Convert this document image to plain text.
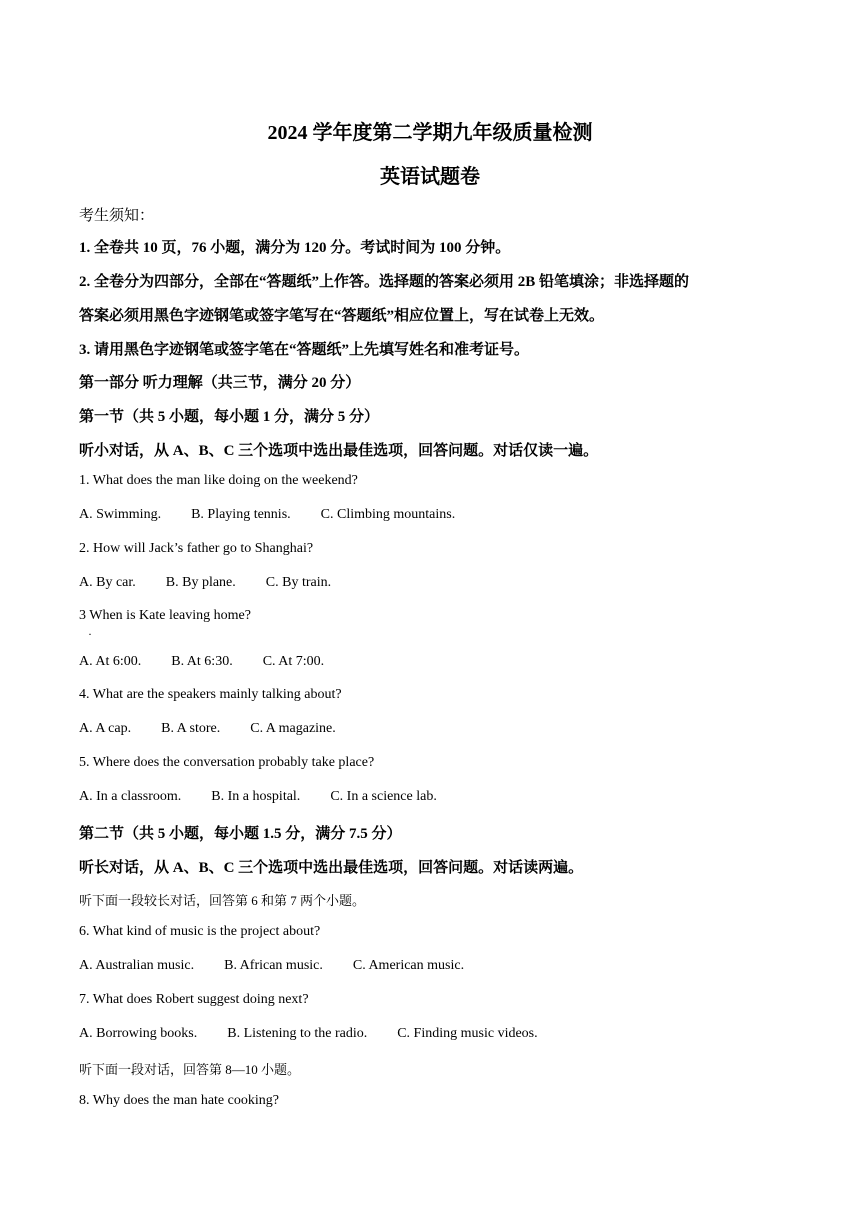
2024 学年度第二学期九年级质量检测
英语试题卷
考生须知：
1. 全卷共 10 页，76 小题，满分为 120 分。考试时间为 100 分钟。
2. 全卷分为四部分，全部在“答题纸”上作答。选择题的答案必须用 2B 铅笔填涂；非选择题的
答案必须用黑色字迹钢笔或签字笔写在“答题纸”相应位置上，写在试卷上无效。
3. 请用黑色字迹钢笔或签字笔在“答题纸”上先填写姓名和准考证号。
第一部分 听力理解（共三节，满分 20 分）
第一节（共 5 小题，每小题 1 分，满分 5 分）
听小对话，从 A、B、C 三个选项中选出最佳选项，回答问题。对话仅读一遍。
1. What does the man like doing on the weekend?
A. Swimming. B. Playing tennis. C. Climbing mountains.
2. How will Jack’s father go to Shanghai?
A. By car. B. By plane. C. By train.
3 When is Kate leaving home?
·
A. At 6:00. B. At 6:30. C. At 7:00.
4. What are the speakers mainly talking about?
A. A cap. B. A store. C. A magazine.
5. Where does the conversation probably take place?
A. In a classroom. B. In a hospital. C. In a science lab.
第二节（共 5 小题，每小题 1.5 分，满分 7.5 分）
听长对话，从 A、B、C 三个选项中选出最佳选项，回答问题。对话读两遍。
听下面一段较长对话，回答第 6 和第 7 两个小题。
6. What kind of music is the project about?
A. Australian music. B. African music. C. American music.
7. What does Robert suggest doing next?
A. Borrowing books. B. Listening to the radio. C. Finding music videos.
听下面一段对话，回答第 8—10 小题。
8. Why does the man hate cooking?
